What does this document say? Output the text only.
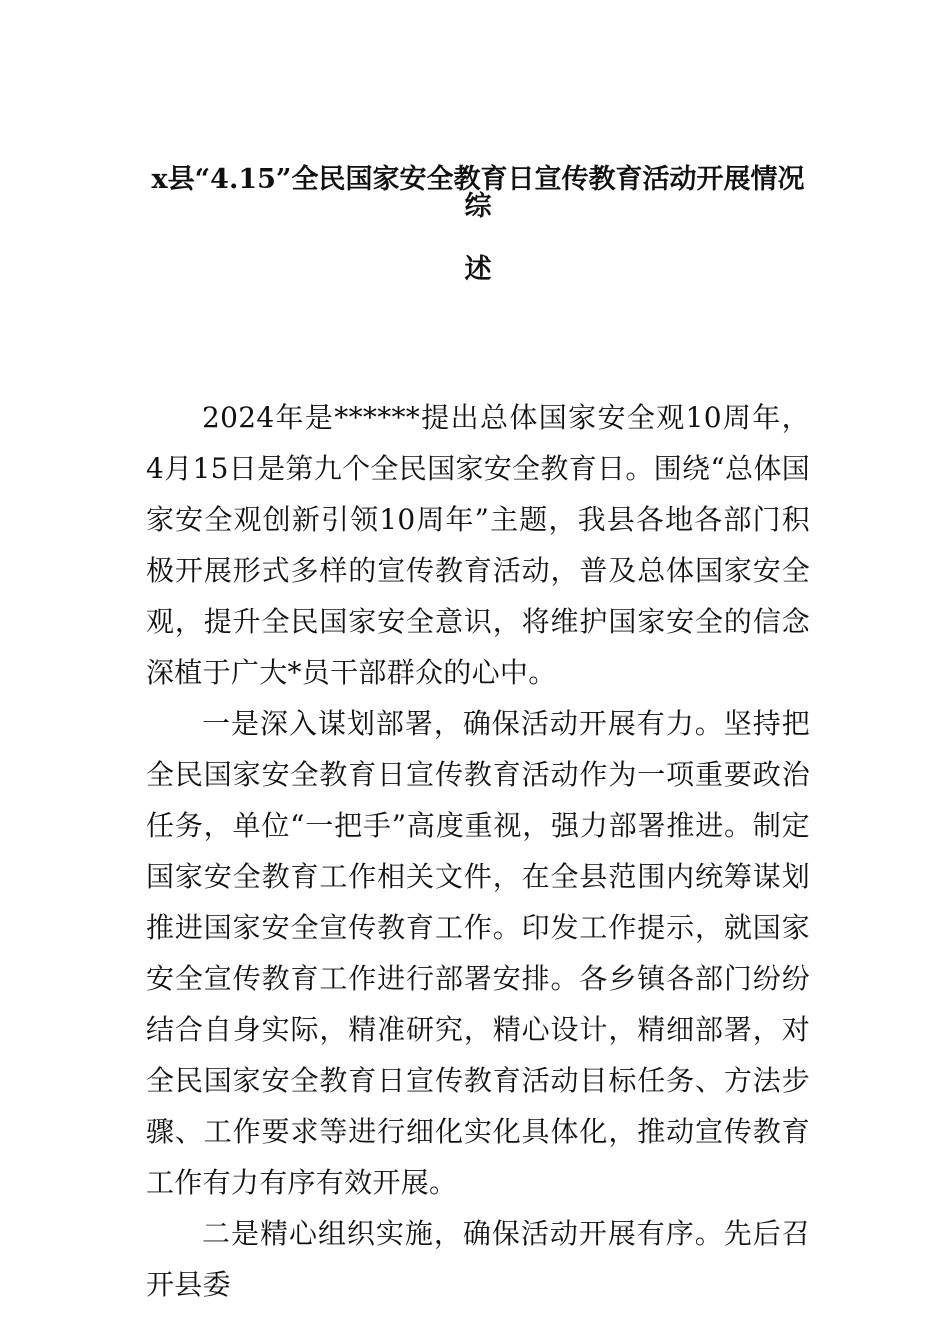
x县“4.15”全民国家安全教育日宣传教育活动开展情况综
述

2024年是******提出总体国家安全观10周年，4月15日是第九个全民国家安全教育日。围绕“总体国家安全观创新引领10周年”主题，我县各地各部门积极开展形式多样的宣传教育活动，普及总体国家安全观，提升全民国家安全意识，将维护国家安全的信念深植于广大*员干部群众的心中。

一是深入谋划部署，确保活动开展有力。坚持把全民国家安全教育日宣传教育活动作为一项重要政治任务，单位“一把手”高度重视，强力部署推进。制定国家安全教育工作相关文件，在全县范围内统筹谋划推进国家安全宣传教育工作。印发工作提示，就国家安全宣传教育工作进行部署安排。各乡镇各部门纷纷结合自身实际，精准研究，精心设计，精细部署，对全民国家安全教育日宣传教育活动目标任务、方法步骤、工作要求等进行细化实化具体化，推动宣传教育工作有力有序有效开展。

二是精心组织实施，确保活动开展有序。先后召开县委
